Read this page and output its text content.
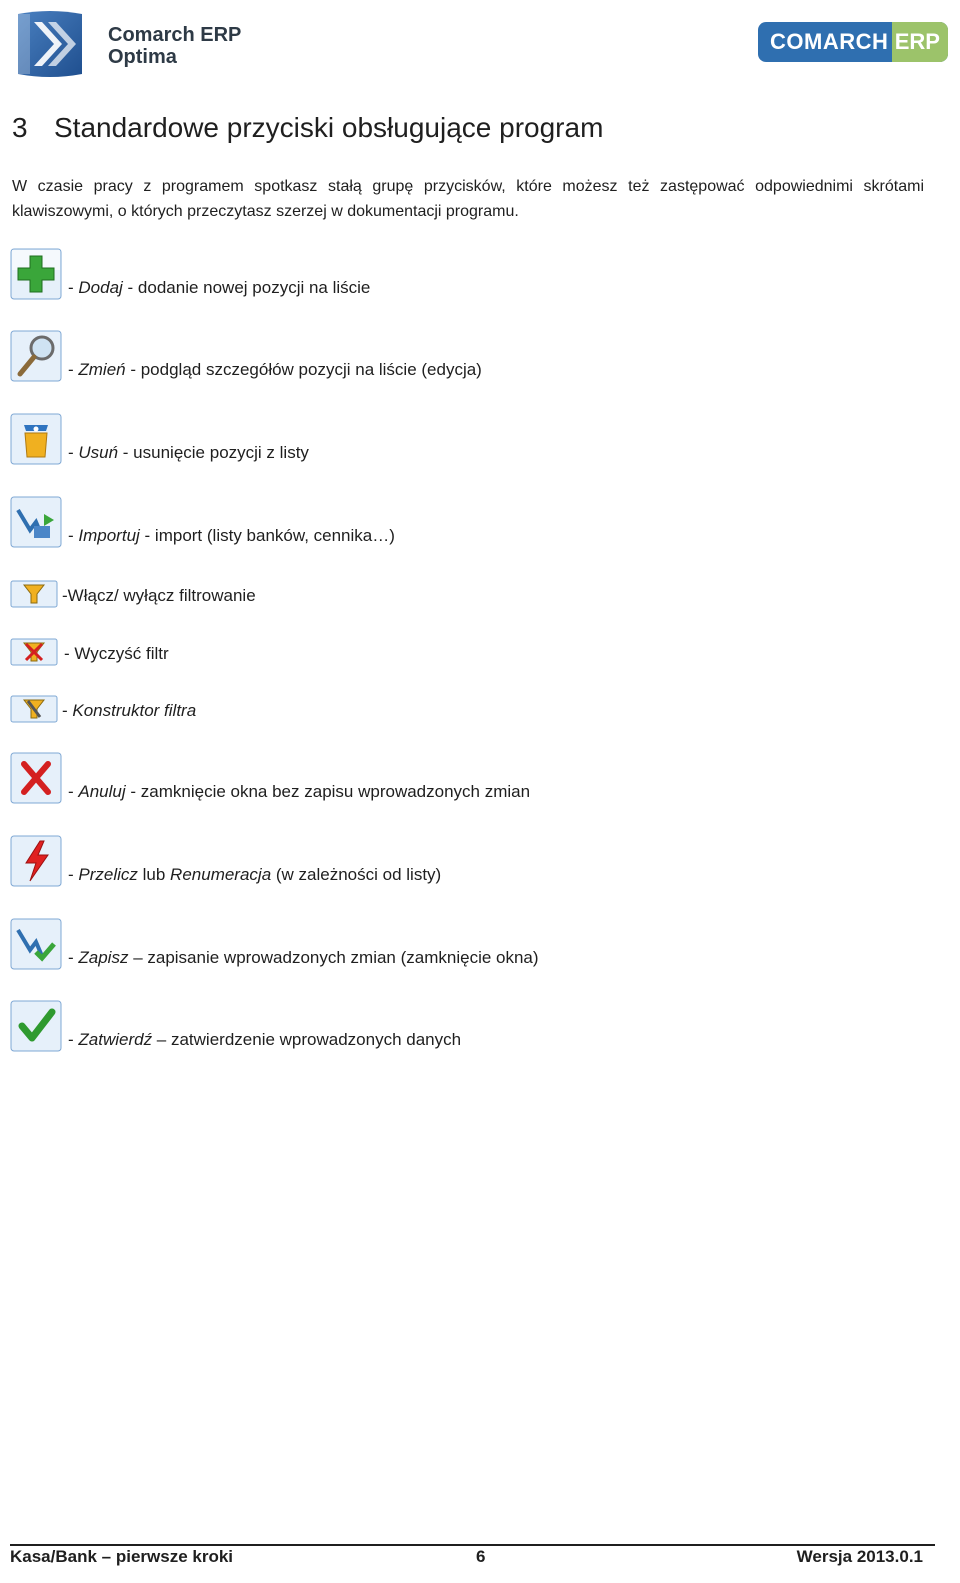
Comarch ERP
Optima
COMARCH ERP
3 Standardowe przyciski obsługujące program
W czasie pracy z programem spotkasz stałą grupę przycisków, które możesz też zastępować odpowiednimi skrótami klawiszowymi, o których przeczytasz szerzej w dokumentacji programu.
- Dodaj - dodanie nowej pozycji na liście
- Zmień - podgląd szczegółów pozycji na liście (edycja)
- Usuń - usunięcie pozycji z listy
- Importuj - import (listy banków, cennika…)
-Włącz/ wyłącz filtrowanie
- Wyczyść filtr
- Konstruktor filtra
- Anuluj - zamknięcie okna bez zapisu wprowadzonych zmian
- Przelicz lub Renumeracja (w zależności od listy)
- Zapisz – zapisanie wprowadzonych zmian (zamknięcie okna)
- Zatwierdź – zatwierdzenie wprowadzonych danych
Kasa/Bank – pierwsze kroki	6	Wersja 2013.0.1
